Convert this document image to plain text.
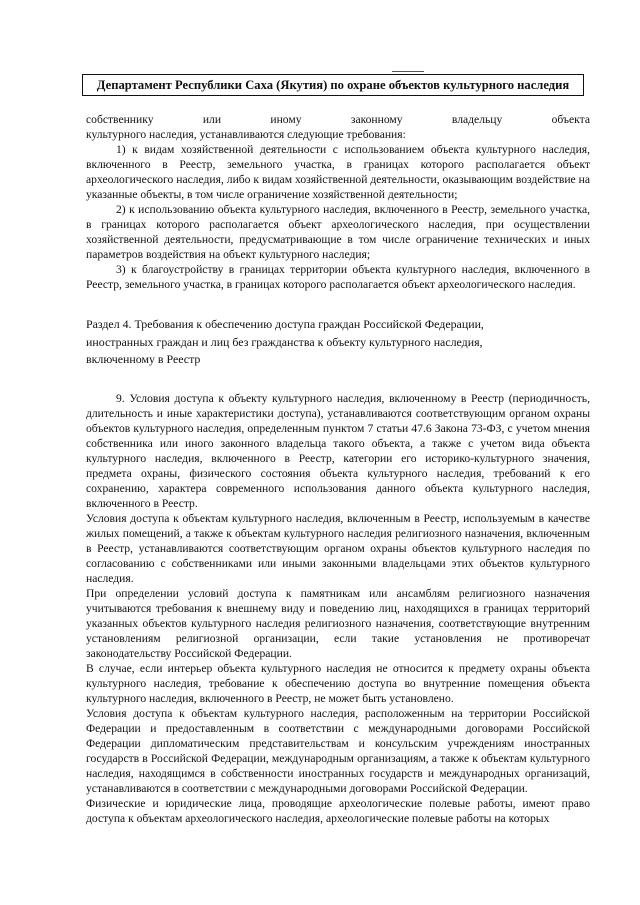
Департамент Республики Саха (Якутия) по охране объектов культурного наследия
собственнику	или	иному	законному	владельцу	объекта

культурного наследия, устанавливаются следующие требования:

1) к видам хозяйственной деятельности с использованием объекта культурного наследия, включенного в Реестр, земельного участка, в границах которого располагается объект археологического наследия, либо к видам хозяйственной деятельности, оказывающим воздействие на указанные объекты, в том числе ограничение хозяйственной деятельности;

2) к использованию объекта культурного наследия, включенного в Реестр, земельного участка, в границах которого располагается объект археологического наследия, при осуществлении хозяйственной деятельности, предусматривающие в том числе ограничение технических и иных параметров воздействия на объект культурного наследия;

3) к благоустройству в границах территории объекта культурного наследия, включенного в Реестр, земельного участка, в границах которого располагается объект археологического наследия.

Раздел 4. Требования к обеспечению доступа граждан Российской Федерации,
иностранных граждан и лиц без гражданства к объекту культурного наследия,
включенному в Реестр

9. Условия доступа к объекту культурного наследия, включенному в Реестр (периодичность, длительность и иные характеристики доступа), устанавливаются соответствующим органом охраны объектов культурного наследия, определенным пунктом 7 статьи 47.6 Закона 73-ФЗ, с учетом мнения собственника или иного законного владельца такого объекта, а также с учетом вида объекта культурного наследия, включенного в Реестр, категории его историко-культурного значения, предмета охраны, физического состояния объекта культурного наследия, требований к его сохранению, характера современного использования данного объекта культурного наследия, включенного в Реестр.

Условия доступа к объектам культурного наследия, включенным в Реестр, используемым в качестве жилых помещений, а также к объектам культурного наследия религиозного назначения, включенным в Реестр, устанавливаются соответствующим органом охраны объектов культурного наследия по согласованию с собственниками или иными законными владельцами этих объектов культурного наследия.

При определении условий доступа к памятникам или ансамблям религиозного назначения учитываются требования к внешнему виду и поведению лиц, находящихся в границах территорий указанных объектов культурного наследия религиозного назначения, соответствующие внутренним установлениям религиозной организации, если такие установления не противоречат законодательству Российской Федерации.

В случае, если интерьер объекта культурного наследия не относится к предмету охраны объекта культурного наследия, требование к обеспечению доступа во внутренние помещения объекта культурного наследия, включенного в Реестр, не может быть установлено.

Условия доступа к объектам культурного наследия, расположенным на территории Российской Федерации и предоставленным в соответствии с международными договорами Российской Федерации дипломатическим представительствам и консульским учреждениям иностранных государств в Российской Федерации, международным организациям, а также к объектам культурного наследия, находящимся в собственности иностранных государств и международных организаций, устанавливаются в соответствии с международными договорами Российской Федерации.

Физические и юридические лица, проводящие археологические полевые работы, имеют право доступа к объектам археологического наследия, археологические полевые работы на которых
